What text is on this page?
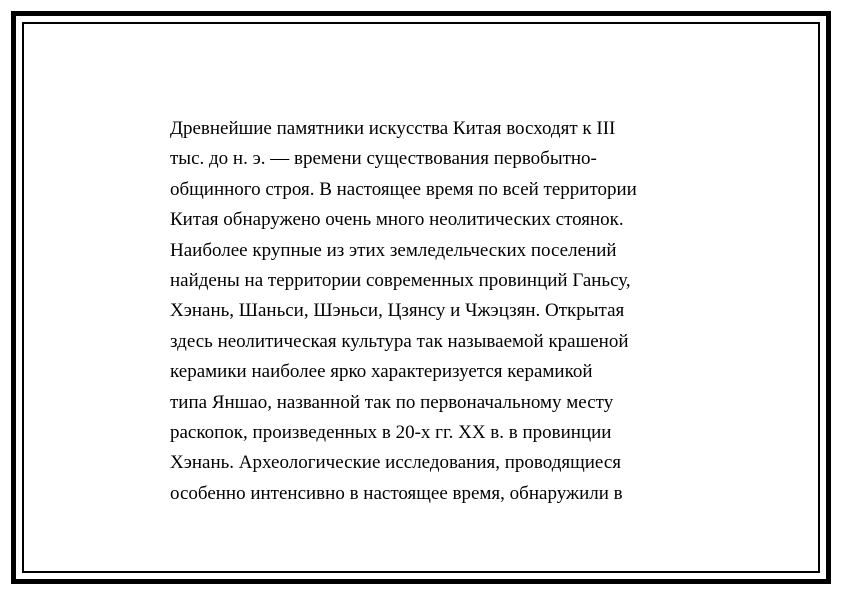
Древнейшие памятники искусства Китая восходят к III
тыс. до н. э. — времени существования первобытно-
общинного строя. В настоящее время по всей территории
Китая обнаружено очень много неолитических стоянок.
Наиболее крупные из этих земледельческих поселений
найдены на территории современных провинций Ганьсу,
Хэнань, Шаньси, Шэньси, Цзянсу и Чжэцзян. Открытая
здесь неолитическая культура так называемой крашеной
керамики наиболее ярко характеризуется керамикой
типа Яншао, названной так по первоначальному месту
раскопок, произведенных в 20-х гг. XX в. в провинции
Хэнань. Археологические исследования, проводящиеся
особенно интенсивно в настоящее время, обнаружили в
